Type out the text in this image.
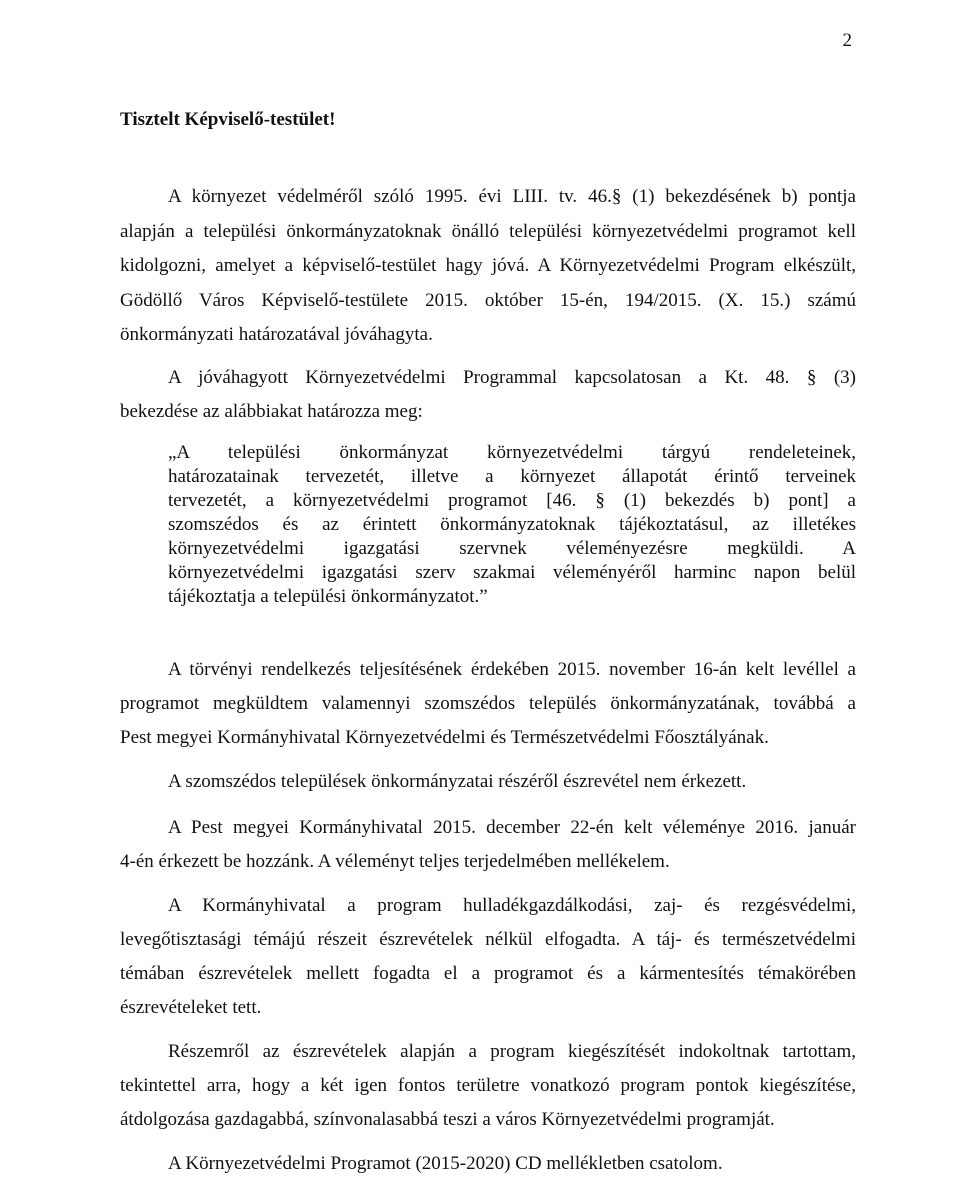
2
Tisztelt Képviselő-testület!
A környezet védelméről szóló 1995. évi LIII. tv. 46.§ (1) bekezdésének b) pontja
alapján a települési önkormányzatoknak önálló települési környezetvédelmi programot kell
kidolgozni, amelyet a képviselő-testület hagy jóvá. A Környezetvédelmi Program elkészült,
Gödöllő Város Képviselő-testülete 2015. október 15-én, 194/2015. (X. 15.) számú
önkormányzati határozatával jóváhagyta.
A jóváhagyott Környezetvédelmi Programmal kapcsolatosan a Kt. 48. § (3)
bekezdése az alábbiakat határozza meg:
„A települési önkormányzat környezetvédelmi tárgyú rendeleteinek,
határozatainak tervezetét, illetve a környezet állapotát érintő terveinek
tervezetét, a környezetvédelmi programot [46. § (1) bekezdés b) pont] a
szomszédos és az érintett önkormányzatoknak tájékoztatásul, az illetékes
környezetvédelmi igazgatási szervnek véleményezésre megküldi. A
környezetvédelmi igazgatási szerv szakmai véleményéről harminc napon belül
tájékoztatja a települési önkormányzatot.”
A törvényi rendelkezés teljesítésének érdekében 2015. november 16-án kelt levéllel a
programot megküldtem valamennyi szomszédos település önkormányzatának, továbbá a
Pest megyei Kormányhivatal Környezetvédelmi és Természetvédelmi Főosztályának.
A szomszédos települések önkormányzatai részéről észrevétel nem érkezett.
A Pest megyei Kormányhivatal 2015. december 22-én kelt véleménye 2016. január
4-én érkezett be hozzánk. A véleményt teljes terjedelmében mellékelem.
A Kormányhivatal a program hulladékgazdálkodási, zaj- és rezgésvédelmi,
levegőtisztasági témájú részeit észrevételek nélkül elfogadta. A táj- és természetvédelmi
témában észrevételek mellett fogadta el a programot és a kármentesítés témakörében
észrevételeket tett.
Részemről az észrevételek alapján a program kiegészítését indokoltnak tartottam,
tekintettel arra, hogy a két igen fontos területre vonatkozó program pontok kiegészítése,
átdolgozása gazdagabbá, színvonalasabbá teszi a város Környezetvédelmi programját.
A Környezetvédelmi Programot (2015-2020) CD mellékletben csatolom.
